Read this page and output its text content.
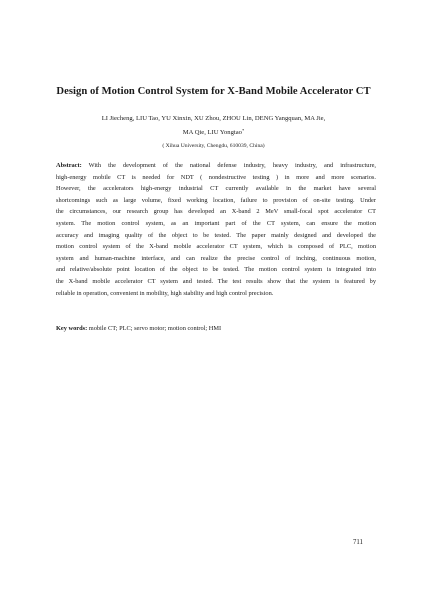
Design of Motion Control System for X-Band Mobile Accelerator CT
LI Jiecheng, LIU Tao, YU Xinxin, XU Zhou, ZHOU Lin, DENG Yangquan, MA Jie,
MA Qie, LIU Yongtao*
( Xihua University, Chengdu, 610039, China)
Abstract: With the development of the national defense industry, heavy industry, and infrastructure,
high-energy mobile CT is needed for NDT ( nondestructive testing ) in more and more scenarios.
However, the accelerators high-energy industrial CT currently available in the market have several
shortcomings such as large volume, fixed working location, failure to provision of on-site testing. Under
the circumstances, our research group has developed an X-band 2 MeV small-focal spot accelerator CT
system. The motion control system, as an important part of the CT system, can ensure the motion
accuracy and imaging quality of the object to be tested. The paper mainly designed and developed the
motion control system of the X-band mobile accelerator CT system, which is composed of PLC, motion
system and human-machine interface, and can realize the precise control of inching, continuous motion,
and relative/absolute point location of the object to be tested. The motion control system is integrated into
the X-band mobile accelerator CT system and tested. The test results show that the system is featured by
reliable in operation, convenient in mobility, high stability and high control precision.
Key words: mobile CT; PLC; servo motor; motion control; HMI
711
